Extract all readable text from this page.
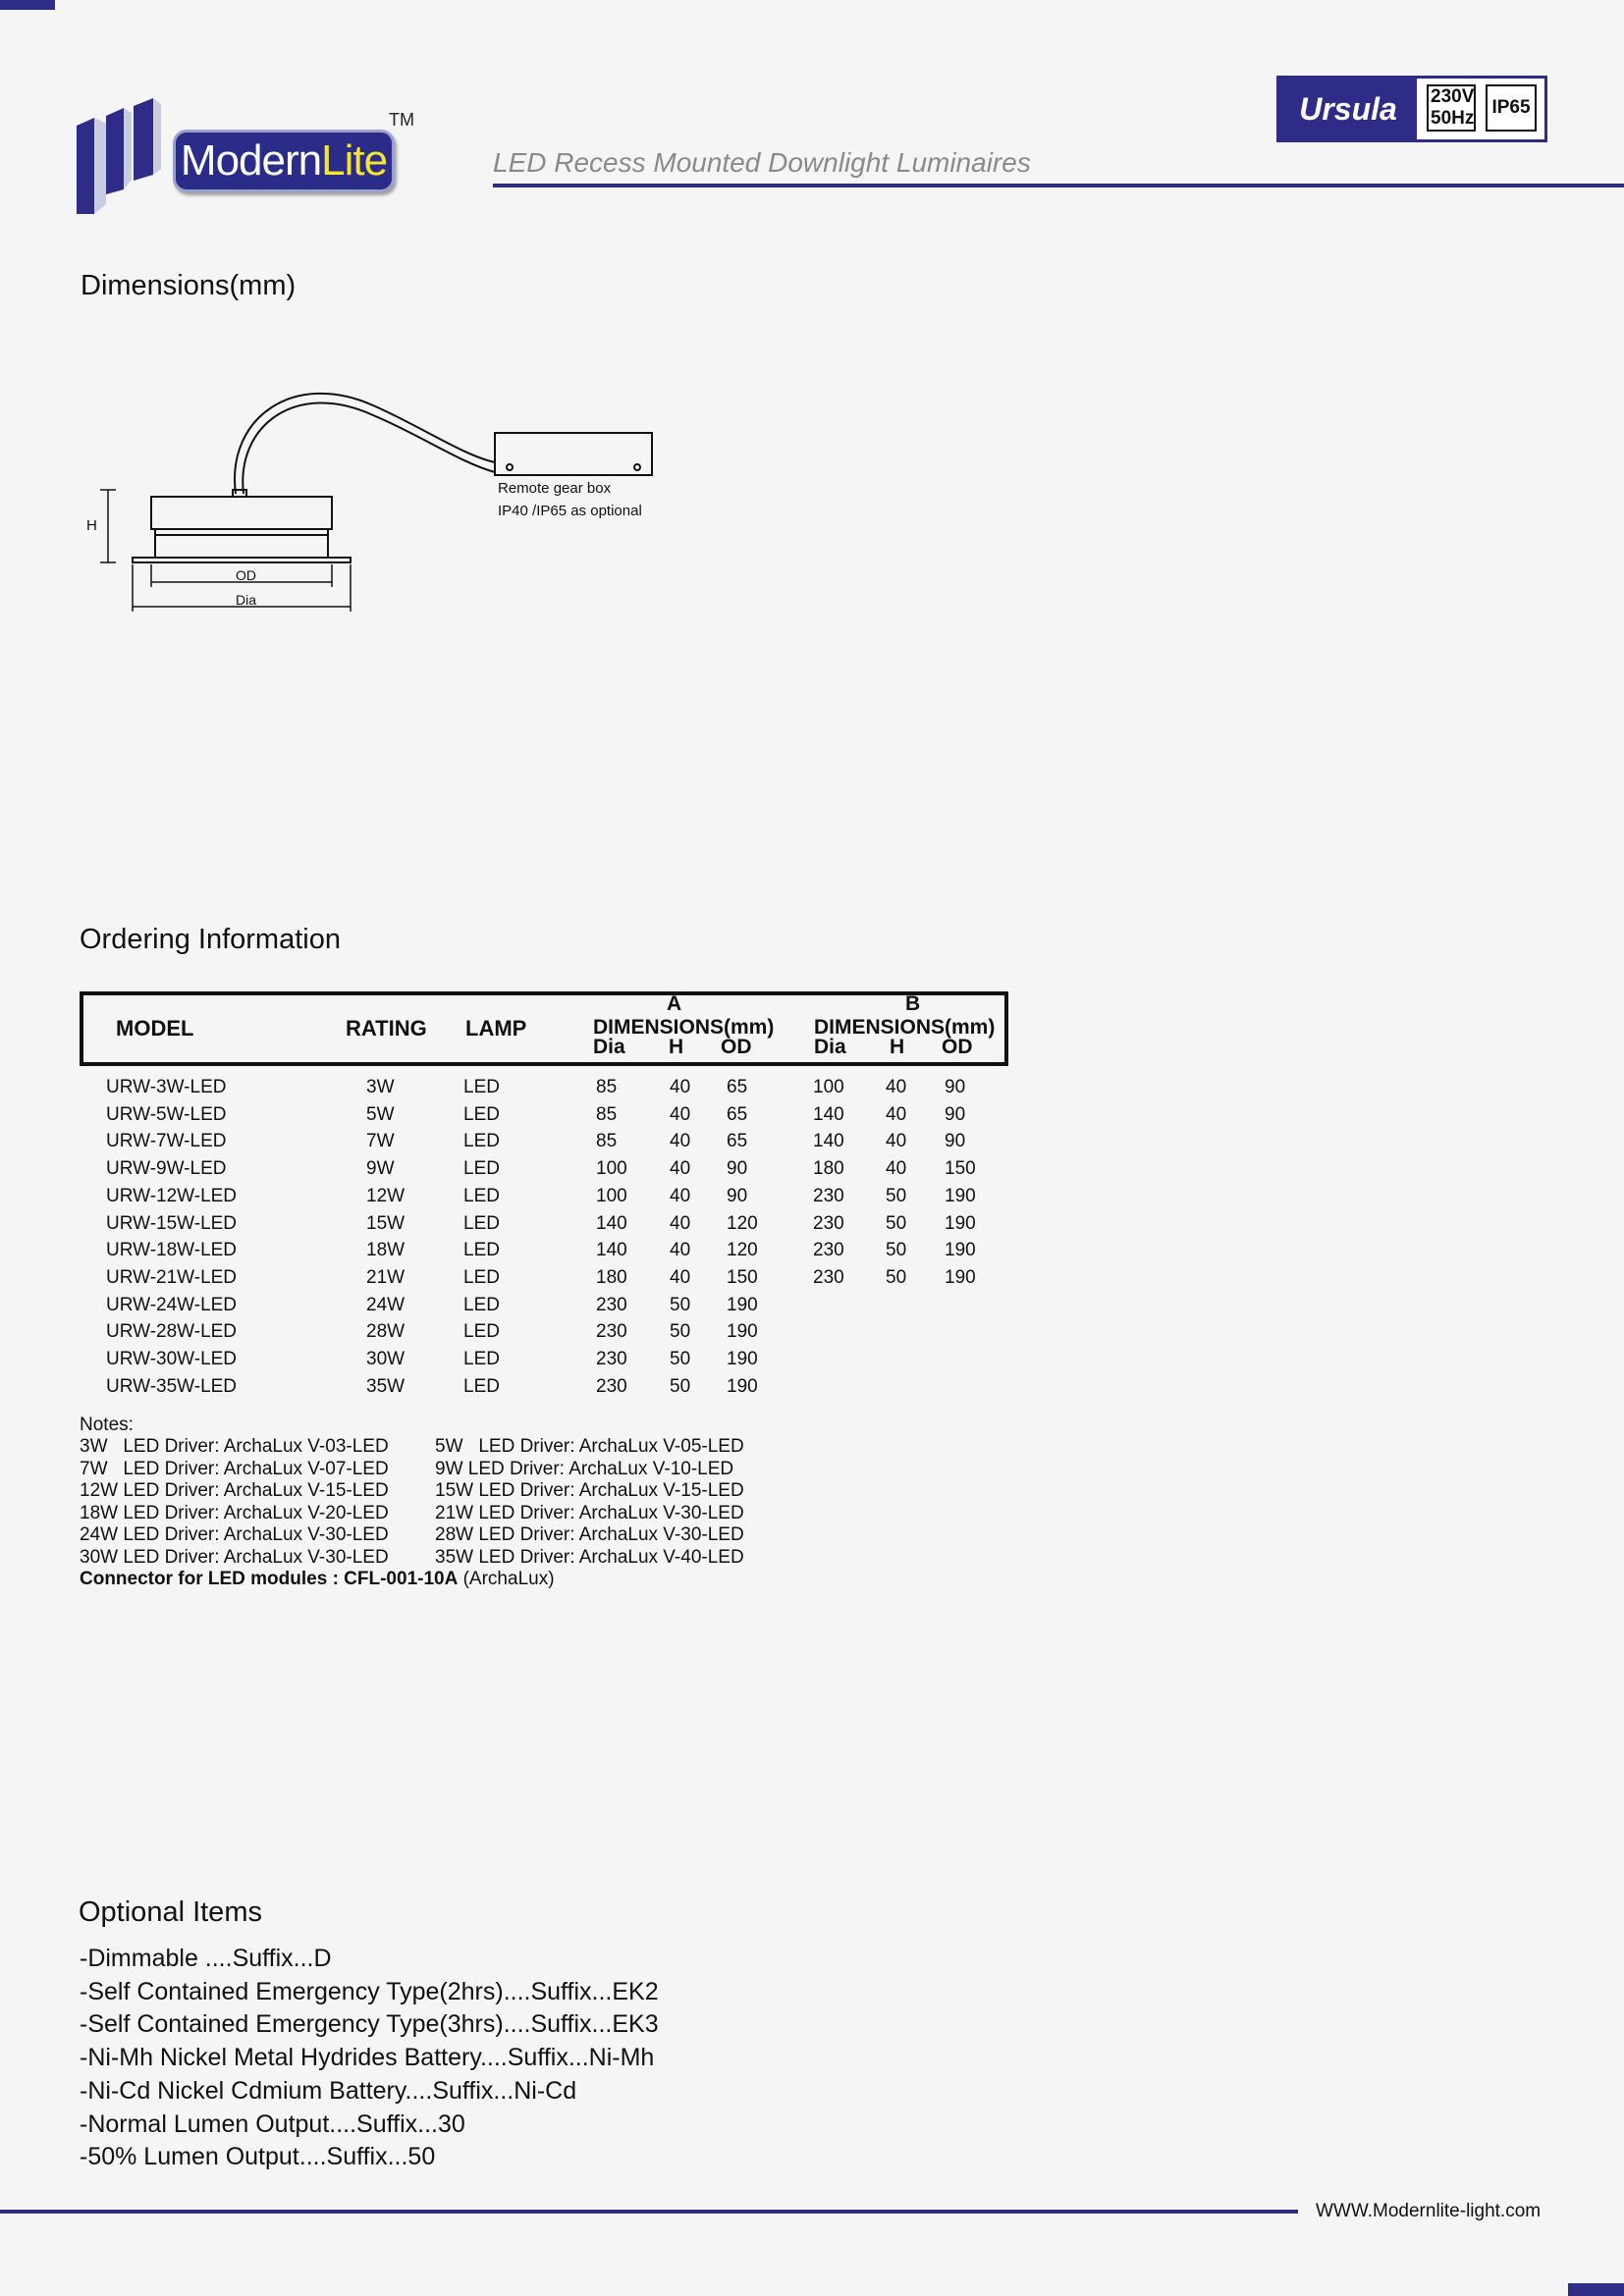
ModernLite
TM
LED Recess Mounted Downlight Luminaires
Ursula	230V
50Hz
IP65
Dimensions(mm)
H
OD
Dia
Remote gear box
IP40 /IP65 as optional
Ordering Information
MODEL	RATING LAMP
A	B
DIMENSIONS(mm) DIMENSIONS(mm)
Dia H OD	Dia H OD
URW-3W-LED	3W	LED	85	40 65	100 40 90
URW-5W-LED	5W	LED	85	40 65	140 40 90
URW-7W-LED	7W	LED	85	40 65	140 40 90
URW-9W-LED	9W	LED	100 40 90	180 40 150
URW-12W-LED	12W	LED	100 40 90	230 50 190
URW-15W-LED	15W	LED	140 40 120	230 50 190
URW-18W-LED	18W	LED	140 40 120	230 50 190
URW-21W-LED	21W	LED	180 40 150	230 50 190
URW-24W-LED	24W	LED	230 50 190
URW-28W-LED	28W	LED	230 50 190
URW-30W-LED	30W	LED	230 50 190
URW-35W-LED	35W	LED	230 50 190
Notes:
3W   LED Driver: ArchaLux V-03-LED
7W   LED Driver: ArchaLux V-07-LED
12W LED Driver: ArchaLux V-15-LED
18W LED Driver: ArchaLux V-20-LED
24W LED Driver: ArchaLux V-30-LED
30W LED Driver: ArchaLux V-30-LED
5W   LED Driver: ArchaLux V-05-LED
9W LED Driver: ArchaLux V-10-LED
15W LED Driver: ArchaLux V-15-LED
21W LED Driver: ArchaLux V-30-LED
28W LED Driver: ArchaLux V-30-LED
35W LED Driver: ArchaLux V-40-LED
Connector for LED modules : CFL-001-10A (ArchaLux)
Optional Items
-Dimmable ....Suffix...D
-Self Contained Emergency Type(2hrs)....Suffix...EK2
-Self Contained Emergency Type(3hrs)....Suffix...EK3
-Ni-Mh Nickel Metal Hydrides Battery....Suffix...Ni-Mh
-Ni-Cd Nickel Cdmium Battery....Suffix...Ni-Cd
-Normal Lumen Output....Suffix...30
-50% Lumen Output....Suffix...50
WWW.Modernlite-light.com
